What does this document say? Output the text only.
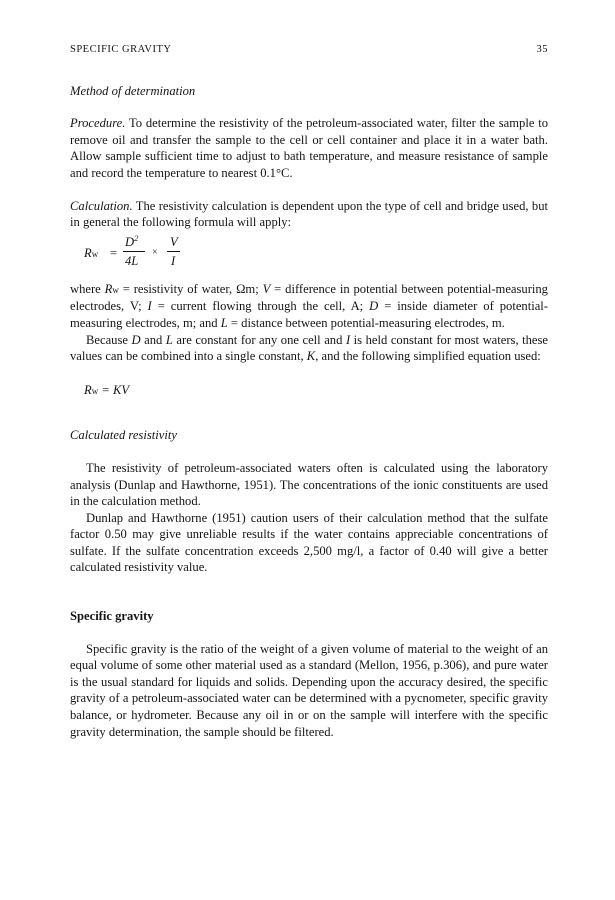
SPECIFIC GRAVITY	35

Method of determination

Procedure. To determine the resistivity of the petroleum-associated water, filter the sample to remove oil and transfer the sample to the cell or cell container and place it in a water bath. Allow sample sufficient time to adjust to bath temperature, and measure resistance of sample and record the temperature to nearest 0.1°C.

Calculation. The resistivity calculation is dependent upon the type of cell and bridge used, but in general the following formula will apply:

Rw =
$D^2$
4L
×
V
I

where Rw = resistivity of water, Ωm; V = difference in potential between potential-measuring electrodes, V; I = current flowing through the cell, A; D = inside diameter of potential-measuring electrodes, m; and L = distance between potential-measuring electrodes, m.

Because D and L are constant for any one cell and I is held constant for most waters, these values can be combined into a single constant, K, and the following simplified equation used:

Rw = KV

Calculated resistivity

The resistivity of petroleum-associated waters often is calculated using the laboratory analysis (Dunlap and Hawthorne, 1951). The concentrations of the ionic constituents are used in the calculation method.

Dunlap and Hawthorne (1951) caution users of their calculation method that the sulfate factor 0.50 may give unreliable results if the water contains appreciable concentrations of sulfate. If the sulfate concentration exceeds 2,500 mg/l, a factor of 0.40 will give a better calculated resistivity value.

Specific gravity

Specific gravity is the ratio of the weight of a given volume of material to the weight of an equal volume of some other material used as a standard (Mellon, 1956, p.306), and pure water is the usual standard for liquids and solids. Depending upon the accuracy desired, the specific gravity of a petroleum-associated water can be determined with a pycnometer, specific gravity balance, or hydrometer. Because any oil in or on the sample will interfere with the specific gravity determination, the sample should be filtered.
